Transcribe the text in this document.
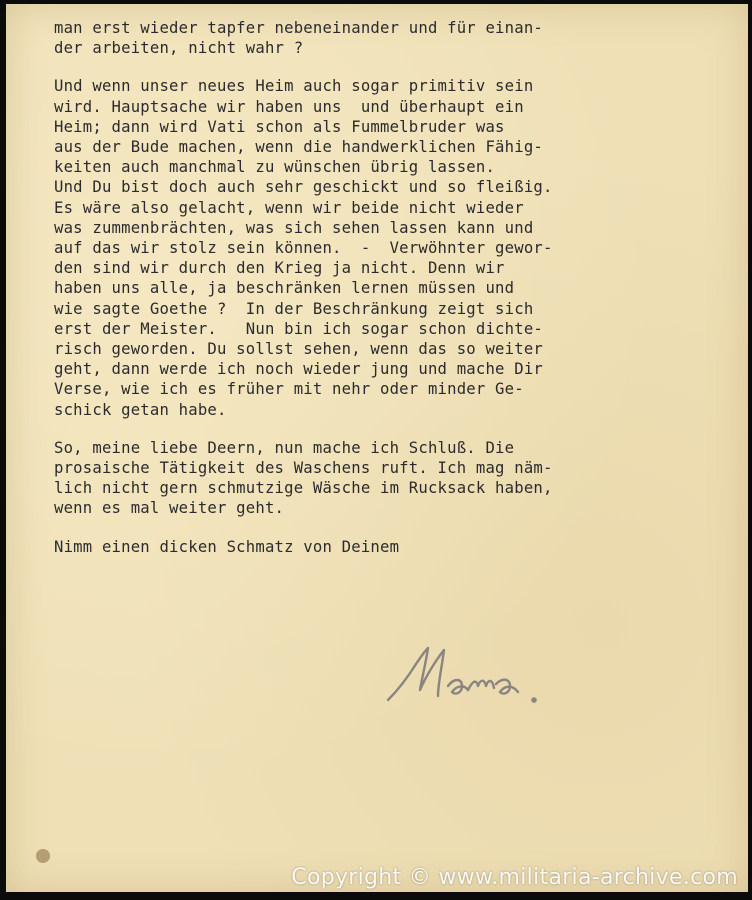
man erst wieder tapfer nebeneinander und für einan-
der arbeiten, nicht wahr ?
Und wenn unser neues Heim auch sogar primitiv sein
wird. Hauptsache wir haben uns  und überhaupt ein
Heim; dann wird Vati schon als Fummelbruder was
aus der Bude machen, wenn die handwerklichen Fähig-
keiten auch manchmal zu wünschen übrig lassen.
Und Du bist doch auch sehr geschickt und so fleißig.
Es wäre also gelacht, wenn wir beide nicht wieder
was zummenbrächten, was sich sehen lassen kann und
auf das wir stolz sein können.  -  Verwöhnter gewor-
den sind wir durch den Krieg ja nicht. Denn wir
haben uns alle, ja beschränken lernen müssen und
wie sagte Goethe ?  In der Beschränkung zeigt sich
erst der Meister.   Nun bin ich sogar schon dichte-
risch geworden. Du sollst sehen, wenn das so weiter
geht, dann werde ich noch wieder jung und mache Dir
Verse, wie ich es früher mit nehr oder minder Ge-
schick getan habe.
So, meine liebe Deern, nun mache ich Schluß. Die
prosaische Tätigkeit des Waschens ruft. Ich mag näm-
lich nicht gern schmutzige Wäsche im Rucksack haben,
wenn es mal weiter geht.
Nimm einen dicken Schmatz von Deinem
Copyright © www.militaria-archive.com
